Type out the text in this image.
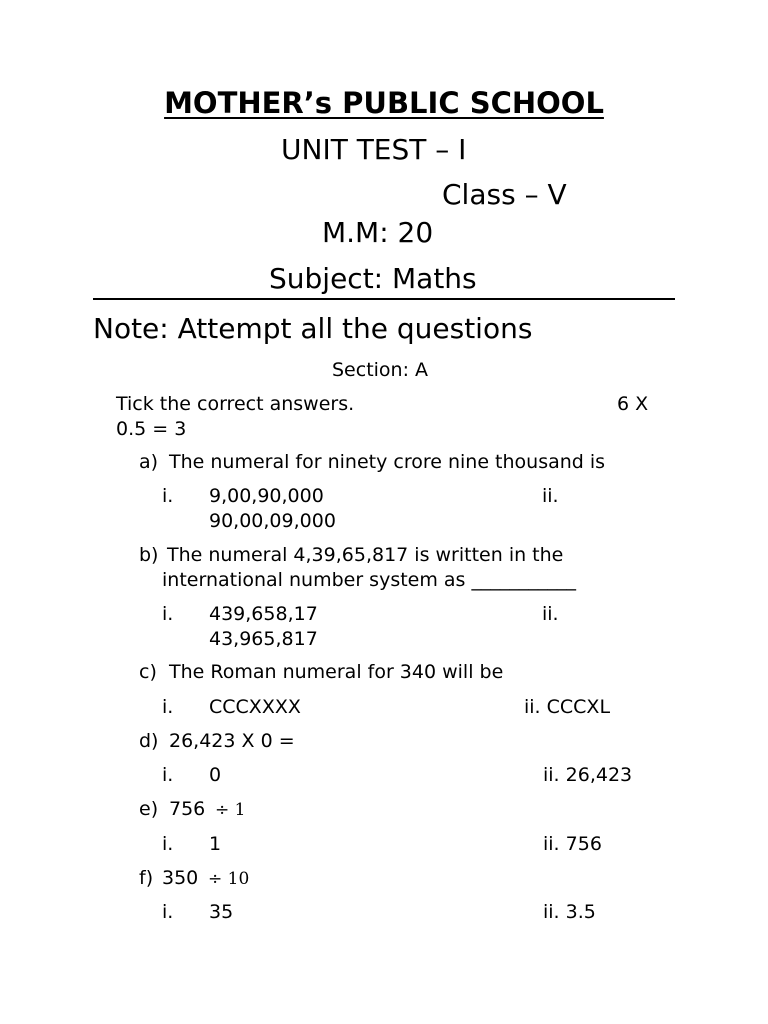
MOTHER’s PUBLIC SCHOOL
UNIT TEST – I
Class – V
M.M: 20
Subject: Maths
Note: Attempt all the questions
Section: A
Tick the correct answers.	6 X
0.5 = 3
a) The numeral for ninety crore nine thousand is
i. 9,00,90,000	ii.
90,00,09,000
b) The numeral 4,39,65,817 is written in the
international number system as ___________
i. 439,658,17	ii.
43,965,817
c) The Roman numeral for 340 will be
i. CCCXXXX	ii. CCCXL
d) 26,423 X 0 =
i. 0	ii. 26,423
e) 756 ÷ 1
i. 1	ii. 756
f) 350 ÷ 10
i. 35	ii. 3.5
